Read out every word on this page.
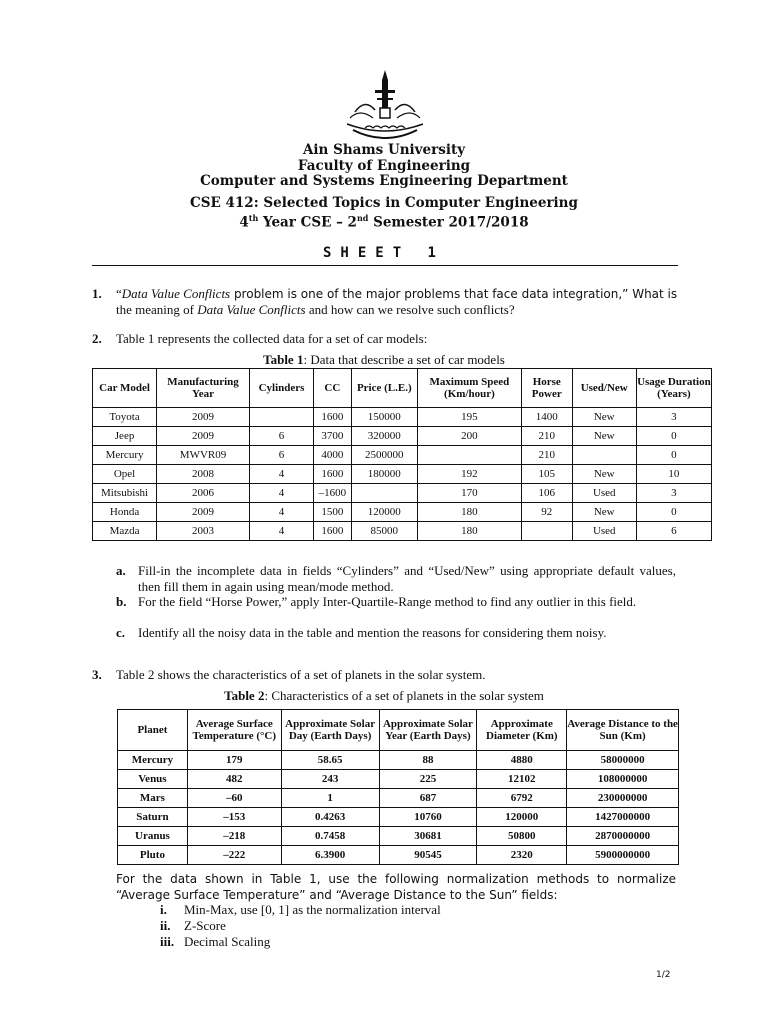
Ain Shams University
Faculty of Engineering
Computer and Systems Engineering Department
CSE 412: Selected Topics in Computer Engineering
4th Year CSE – 2nd Semester 2017/2018
SHEET 1
1. “Data Value Conflicts problem is one of the major problems that face data integration,” What is
the meaning of Data Value Conflicts and how can we resolve such conflicts?
2. Table 1 represents the collected data for a set of car models:
Table 1: Data that describe a set of car models
Car Model	Manufacturing Year	Cylinders	CC	Price (L.E.)	Maximum Speed (Km/hour)	Horse Power	Used/New	Usage Duration (Years)
Toyota	2009		1600	150000	195	1400	New	3
Jeep	2009	6	3700	320000	200	210	New	0
Mercury	MWVR09	6	4000	2500000		210		0
Opel	2008	4	1600	180000	192	105	New	10
Mitsubishi	2006	4	–1600		170	106	Used	3
Honda	2009	4	1500	120000	180	92	New	0
Mazda	2003	4	1600	85000	180		Used	6
a. Fill-in the incomplete data in fields “Cylinders” and “Used/New” using appropriate default values, then fill them in again using mean/mode method.
b. For the field “Horse Power,” apply Inter-Quartile-Range method to find any outlier in this field.
c. Identify all the noisy data in the table and mention the reasons for considering them noisy.
3. Table 2 shows the characteristics of a set of planets in the solar system.
Table 2: Characteristics of a set of planets in the solar system
Planet	Average Surface Temperature (°C)	Approximate Solar Day (Earth Days)	Approximate Solar Year (Earth Days)	Approximate Diameter (Km)	Average Distance to the Sun (Km)
Mercury	179	58.65	88	4880	58000000
Venus	482	243	225	12102	108000000
Mars	–60	1	687	6792	230000000
Saturn	–153	0.4263	10760	120000	1427000000
Uranus	–218	0.7458	30681	50800	2870000000
Pluto	–222	6.3900	90545	2320	5900000000
For the data shown in Table 1, use the following normalization methods to normalize “Average Surface Temperature” and “Average Distance to the Sun” fields:
i. Min-Max, use [0, 1] as the normalization interval
ii. Z-Score
iii. Decimal Scaling
1/2
